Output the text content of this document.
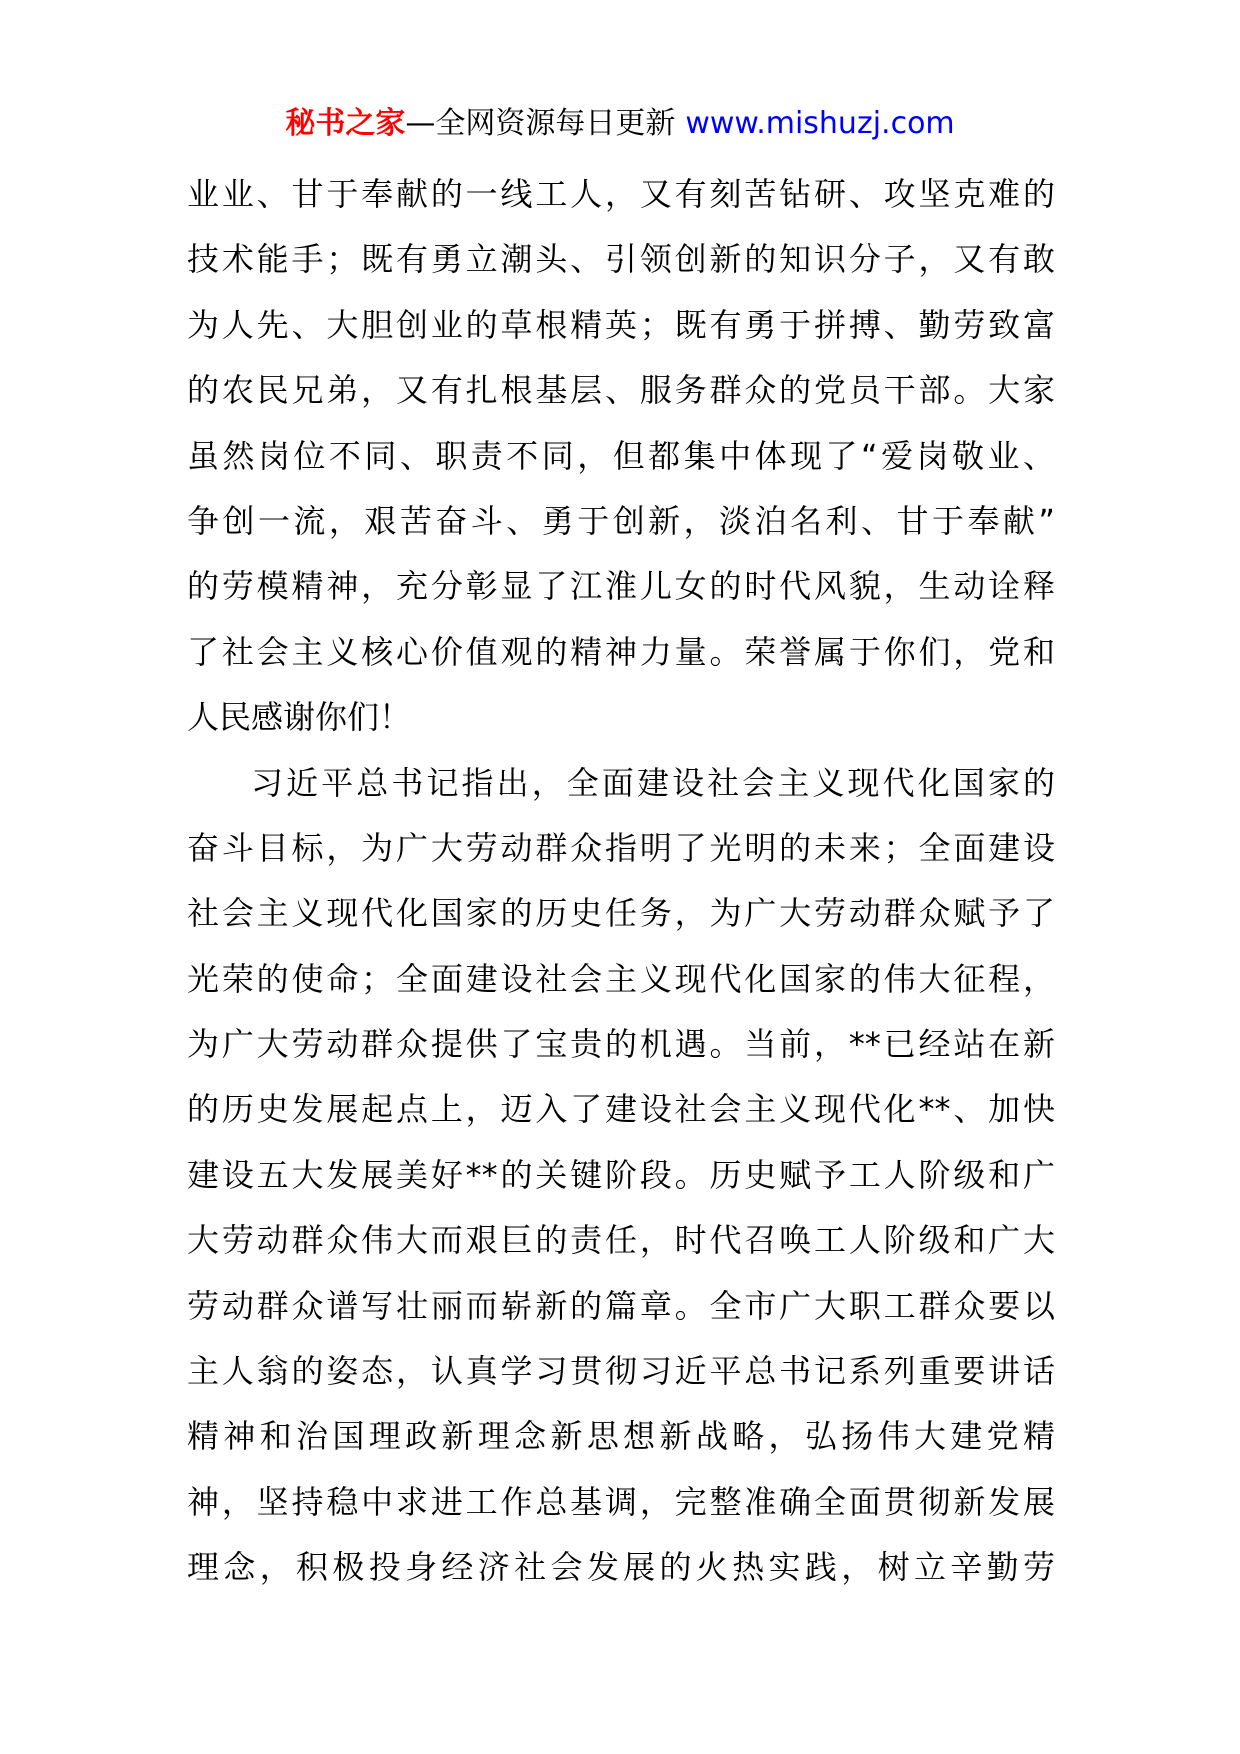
秘书之家—全网资源每日更新 www.mishuzj.com
业业、甘于奉献的一线工人，又有刻苦钻研、攻坚克难的
技术能手；既有勇立潮头、引领创新的知识分子，又有敢
为人先、大胆创业的草根精英；既有勇于拼搏、勤劳致富
的农民兄弟，又有扎根基层、服务群众的党员干部。大家
虽然岗位不同、职责不同，但都集中体现了“爱岗敬业、
争创一流，艰苦奋斗、勇于创新，淡泊名利、甘于奉献”
的劳模精神，充分彰显了江淮儿女的时代风貌，生动诠释
了社会主义核心价值观的精神力量。荣誉属于你们，党和
人民感谢你们！
习近平总书记指出，全面建设社会主义现代化国家的
奋斗目标，为广大劳动群众指明了光明的未来；全面建设
社会主义现代化国家的历史任务，为广大劳动群众赋予了
光荣的使命；全面建设社会主义现代化国家的伟大征程，
为广大劳动群众提供了宝贵的机遇。当前，**已经站在新
的历史发展起点上，迈入了建设社会主义现代化**、加快
建设五大发展美好**的关键阶段。历史赋予工人阶级和广
大劳动群众伟大而艰巨的责任，时代召唤工人阶级和广大
劳动群众谱写壮丽而崭新的篇章。全市广大职工群众要以
主人翁的姿态，认真学习贯彻习近平总书记系列重要讲话
精神和治国理政新理念新思想新战略，弘扬伟大建党精
神，坚持稳中求进工作总基调，完整准确全面贯彻新发展
理念，积极投身经济社会发展的火热实践，树立辛勤劳
